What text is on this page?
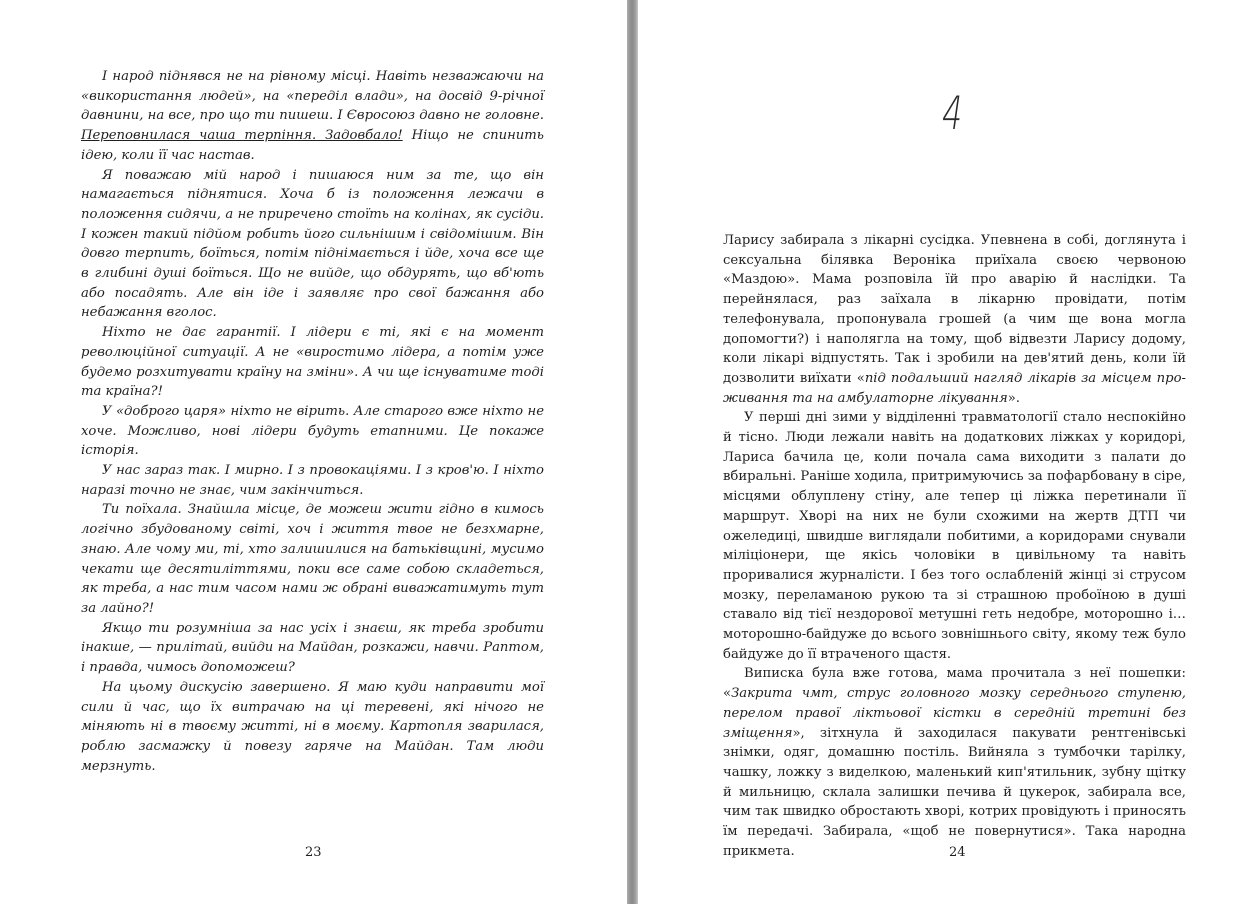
І народ піднявся не на рівному місці. Навіть незважаючи на «використання людей», на «переділ влади», на досвід 9-річної давнини, на все, про що ти пишеш. І Євросоюз давно не головне. Переповнилася чаша терпіння. Задовбало! Ніщо не спинить ідею, коли її час настав.

Я поважаю мій народ і пишаюся ним за те, що він намагається піднятися. Хоча б із положення лежачи в положення сидячи, а не приречено стоїть на колінах, як сусіди. І кожен такий підйом робить його сильнішим і свідомішим. Він довго терпить, боїться, потім піднімається і йде, хоча все ще в глибині душі боїться. Що не вийде, що обдурять, що вб'ють або посадять. Але він іде і заявляє про свої бажання або небажання вголос.

Ніхто не дає гарантії. І лідери є ті, які є на момент революційної ситуації. А не «виростимо лідера, а потім уже будемо розхитувати країну на зміни». А чи ще існуватиме тоді та країна?!

У «доброго царя» ніхто не вірить. Але старого вже ніхто не хоче. Можливо, нові лідери будуть етапними. Це покаже історія.

У нас зараз так. І мирно. І з провокаціями. І з кров'ю. І ніхто наразі точно не знає, чим закінчиться.

Ти поїхала. Знайшла місце, де можеш жити гідно в кимось логічно збудованому світі, хоч і життя твое не безхмарне, знаю. Але чому ми, ті, хто залишилися на батьківщині, мусимо чекати ще десятиліттями, поки все саме собою складеться, як треба, а нас тим часом нами ж обрані виважатимуть тут за лайно?!

Якщо ти розумніша за нас усіх і знаєш, як треба зробити інакше, — прилітай, вийди на Майдан, розкажи, навчи. Раптом, і правда, чимось допоможеш?

На цьому дискусію завершено. Я маю куди направити мої сили й час, що їх витрачаю на ці теревені, які нічого не міняють ні в твоєму житті, ні в моєму. Картопля зварилася, роблю засмажку й повезу гаряче на Майдан. Там люди мерзнуть.

23
4

Ларису забирала з лікарні сусідка. Упевнена в собі, доглянута і сексуальна білявка Вероніка приїхала своєю червоною «Маздою». Мама розповіла їй про аварію й наслідки. Та перейнялася, раз заїхала в лікарню провідати, потім телефонувала, пропонувала грошей (а чим ще вона могла допомогти?) і наполягла на тому, щоб відвезти Ларису додому, коли лікарі відпустять. Так і зробили на дев'ятий день, коли їй дозволити виїхати «під подальший нагляд лікарів за місцем проживання та на амбулаторне лікування».

У перші дні зими у відділенні травматології стало неспокійно й тісно. Люди лежали навіть на додаткових ліжках у коридорі, Лариса бачила це, коли почала сама виходити з палати до вбиральні. Раніше ходила, притримуючись за пофарбовану в сіре, місцями облуплену стіну, але тепер ці ліжка перетинали її маршрут. Хворі на них не були схожими на жертв ДТП чи ожеледиці, швидше виглядали побитими, а коридорами снували міліціонери, ще якісь чоловіки в цивільному та навіть проривалися журналісти. І без того ослабленій жінці зі струсом мозку, переламаною рукою та зі страшною пробоїною в душі ставало від тієї нездорової метушні геть недобре, моторошно і… моторошно-байдуже до всього зовнішнього світу, якому теж було байдуже до її втраченого щастя.

Виписка була вже готова, мама прочитала з неї пошепки: «Закрита чмт, струс головного мозку середнього ступеню, перелом правої ліктьової кістки в середній третині без зміщення», зітхнула й заходилася пакувати рентгенівські знімки, одяг, домашню постіль. Вийняла з тумбочки тарілку, чашку, ложку з виделкою, маленький кип'ятильник, зубну щітку й мильницю, склала залишки печива й цукерок, забирала все, чим так швидко обростають хворі, котрих провідують і приносять їм передачі. Забирала, «щоб не повернутися». Така народна прикмета.	24
